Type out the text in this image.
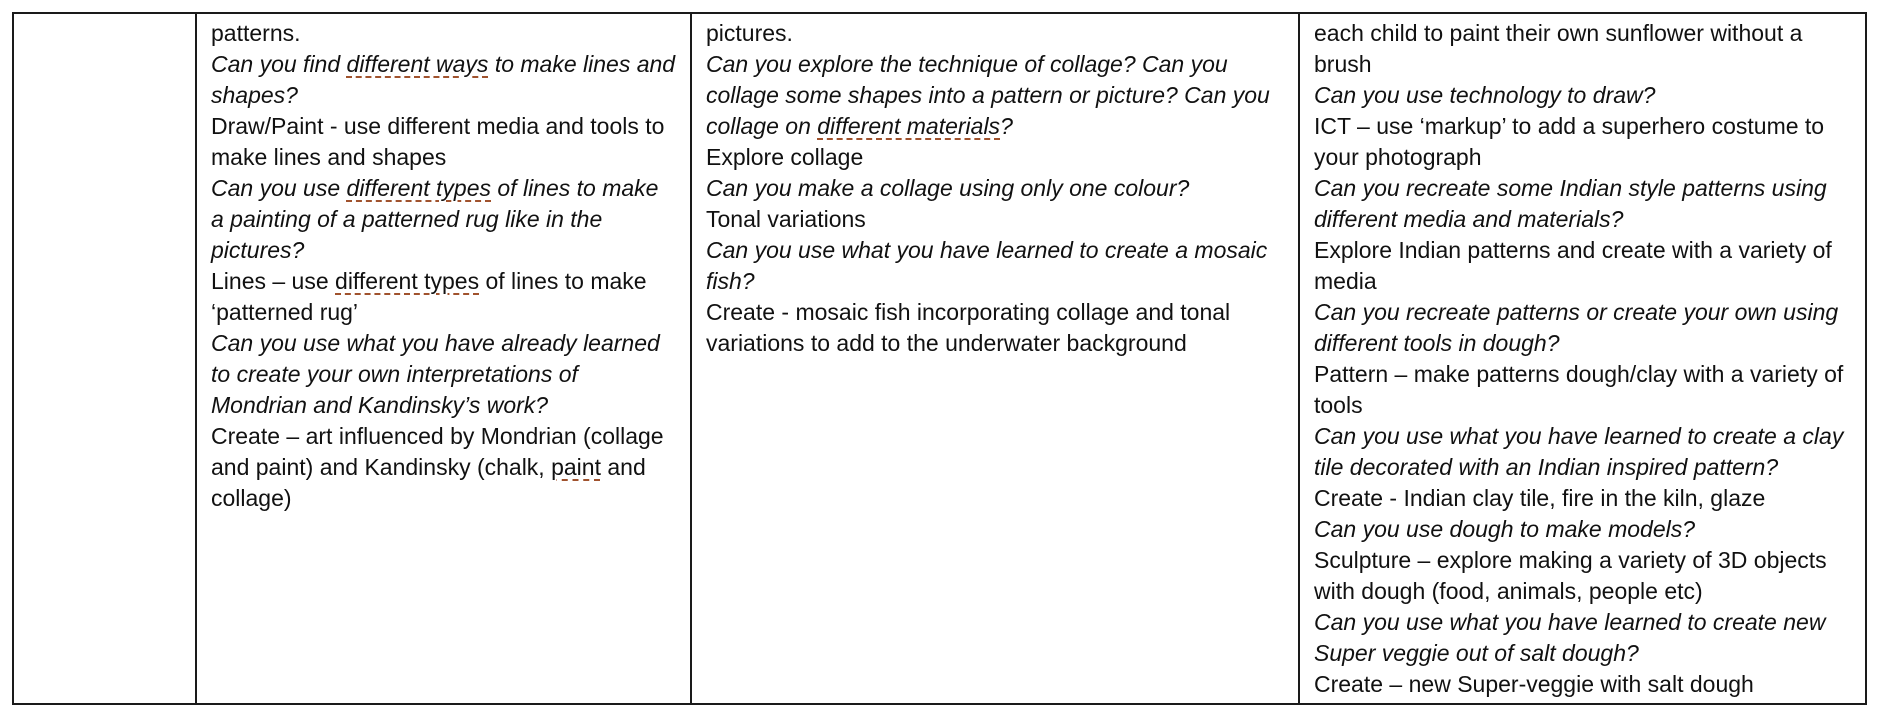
patterns.

Can you find different ways to make lines and shapes?

Draw/Paint - use different media and tools to make lines and shapes

Can you use different types of lines to make a painting of a patterned rug like in the pictures?

Lines – use different types of lines to make ‘patterned rug’

Can you use what you have already learned to create your own interpretations of Mondrian and Kandinsky’s work?

Create – art influenced by Mondrian (collage and paint) and Kandinsky (chalk, paint and collage)

pictures.

Can you explore the technique of collage? Can you collage some shapes into a pattern or picture? Can you collage on different materials?

Explore collage

Can you make a collage using only one colour?

Tonal variations

Can you use what you have learned to create a mosaic fish?

Create - mosaic fish incorporating collage and tonal variations to add to the underwater background

each child to paint their own sunflower without a brush

Can you use technology to draw?

ICT – use ‘markup’ to add a superhero costume to your photograph

Can you recreate some Indian style patterns using different media and materials?

Explore Indian patterns and create with a variety of media

Can you recreate patterns or create your own using different tools in dough?

Pattern – make patterns dough/clay with a variety of tools

Can you use what you have learned to create a clay tile decorated with an Indian inspired pattern?

Create - Indian clay tile, fire in the kiln, glaze

Can you use dough to make models?

Sculpture – explore making a variety of 3D objects with dough (food, animals, people etc)

Can you use what you have learned to create new Super veggie out of salt dough?

Create – new Super-veggie with salt dough
